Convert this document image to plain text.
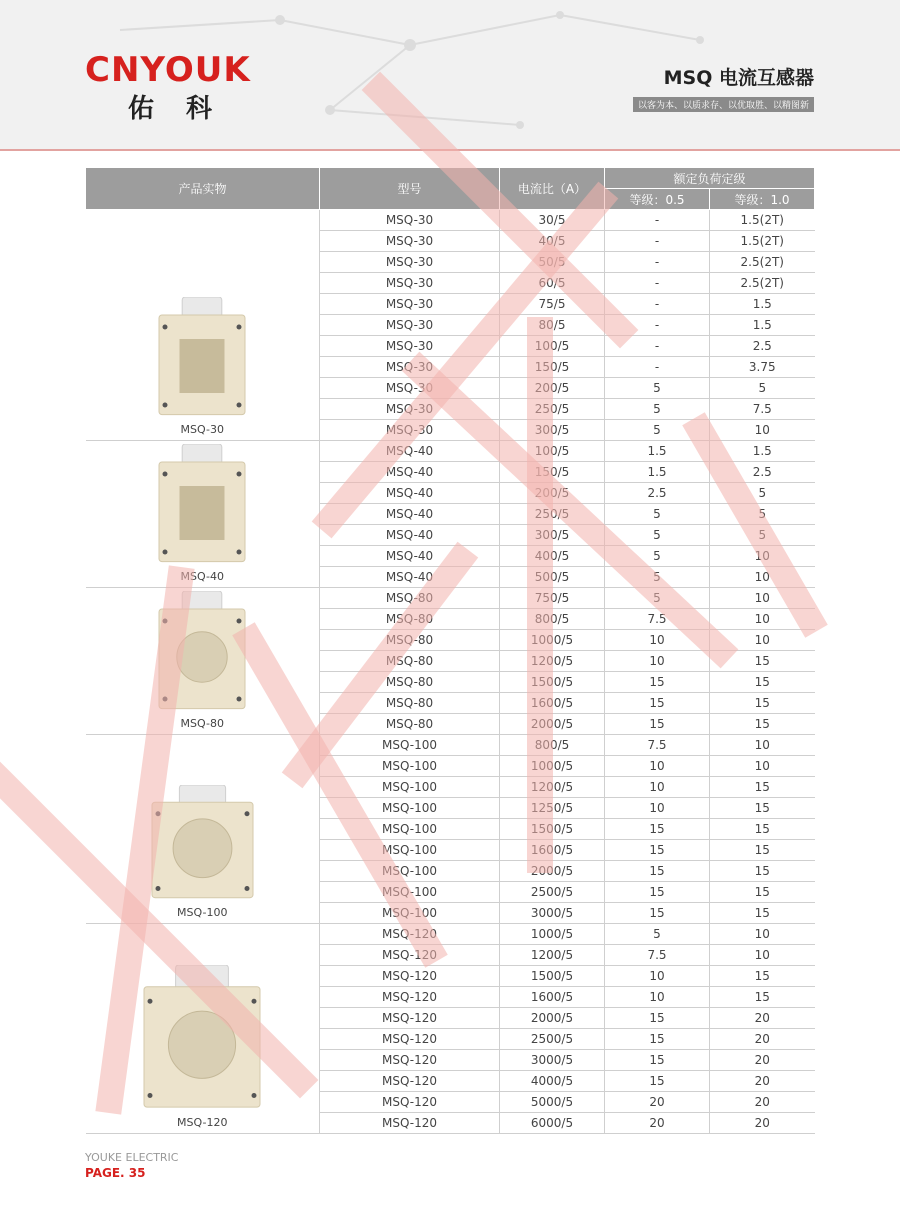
CNYOUK
佑科
MSQ 电流互感器
以客为本、以质求存、以优取胜、以精图新
产品实物	型号	电流比（A）	额定负荷定级	
			等级：0.5	等级：1.0

MSQ-30	MSQ-30	30/5	-	1.5(2T)
	MSQ-30	40/5	-	1.5(2T)
	MSQ-30	50/5	-	2.5(2T)
	MSQ-30	60/5	-	2.5(2T)
	MSQ-30	75/5	-	1.5
	MSQ-30	80/5	-	1.5
	MSQ-30	100/5	-	2.5
	MSQ-30	150/5	-	3.75
	MSQ-30	200/5	5	5
	MSQ-30	250/5	5	7.5
	MSQ-30	300/5	5	10

MSQ-40	MSQ-40	100/5	1.5	1.5
	MSQ-40	150/5	1.5	2.5
	MSQ-40	200/5	2.5	5
	MSQ-40	250/5	5	5
	MSQ-40	300/5	5	5
	MSQ-40	400/5	5	10
	MSQ-40	500/5	5	10

MSQ-80	MSQ-80	750/5	5	10
	MSQ-80	800/5	7.5	10
	MSQ-80	1000/5	10	10
	MSQ-80	1200/5	10	15
	MSQ-80	1500/5	15	15
	MSQ-80	1600/5	15	15
	MSQ-80	2000/5	15	15

MSQ-100	MSQ-100	800/5	7.5	10
	MSQ-100	1000/5	10	10
	MSQ-100	1200/5	10	15
	MSQ-100	1250/5	10	15
	MSQ-100	1500/5	15	15
	MSQ-100	1600/5	15	15
	MSQ-100	2000/5	15	15
	MSQ-100	2500/5	15	15
	MSQ-100	3000/5	15	15

MSQ-120	MSQ-120	1000/5	5	10
	MSQ-120	1200/5	7.5	10
	MSQ-120	1500/5	10	15
	MSQ-120	1600/5	10	15
	MSQ-120	2000/5	15	20
	MSQ-120	2500/5	15	20
	MSQ-120	3000/5	15	20
	MSQ-120	4000/5	15	20
	MSQ-120	5000/5	20	20
	MSQ-120	6000/5	20	20
YOUKE ELECTRIC
PAGE. 35
